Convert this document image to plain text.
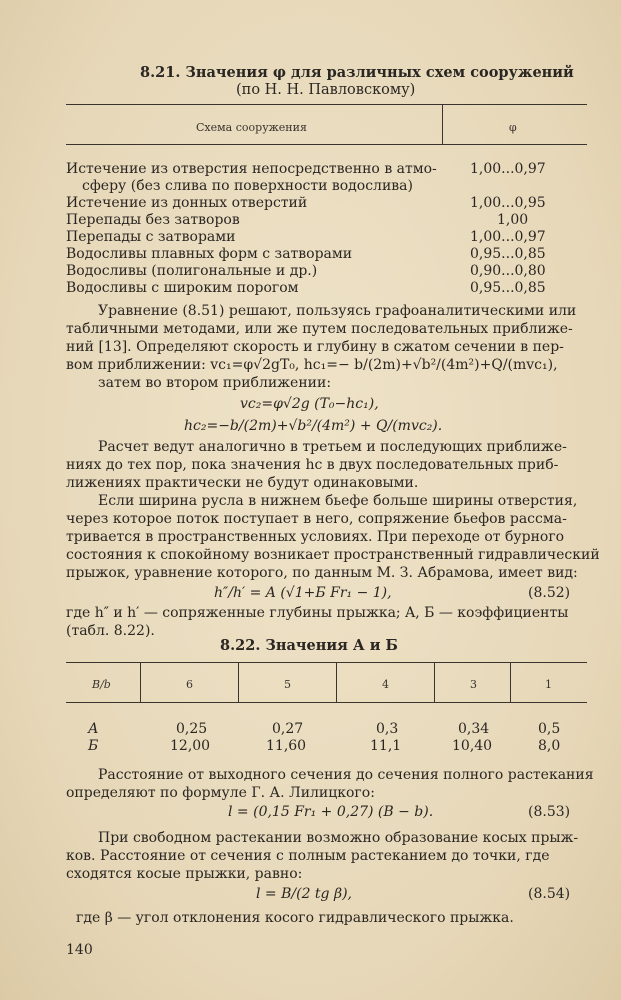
8.21. Значения φ для различных схем сооружений
(по Н. Н. Павловскому)
Схема сооружения	φ
Истечение из отверстия непосредственно в атмо-
сферу (без слива по поверхности водослива)
1,00...0,97
Истечение из донных отверстий	1,00...0,95
Перепады без затворов	1,00
Перепады с затворами	1,00...0,97
Водосливы плавных форм с затворами	0,95...0,85
Водосливы (полигональные и др.)	0,90...0,80
Водосливы с широким порогом	0,95...0,85
Уравнение (8.51) решают, пользуясь графоаналитическими или
табличными методами, или же путем последовательных приближе-
ний [13]. Определяют скорость и глубину в сжатом сечении в пер-
вом приближении: vc₁=φ√2gT₀, hc₁=− b/(2m)+√b²/(4m²)+Q/(mvc₁),
затем во втором приближении:
vc₂=φ√2g (T₀−hc₁),
hc₂=−b/(2m)+√b²/(4m²) + Q/(mvc₂).
Расчет ведут аналогично в третьем и последующих приближе-
ниях до тех пор, пока значения hc в двух последовательных приб-
лижениях практически не будут одинаковыми.
Если ширина русла в нижнем бьефе больше ширины отверстия,
через которое поток поступает в него, сопряжение бьефов рассма-
тривается в пространственных условиях. При переходе от бурного
состояния к спокойному возникает пространственный гидравлический
прыжок, уравнение которого, по данным М. З. Абрамова, имеет вид:
h″/h′ = A (√1+Б Fr₁ − 1),	(8.52)
где h″ и h′ — сопряженные глубины прыжка; A, Б — коэффициенты
(табл. 8.22).
8.22. Значения А и Б
B/b	6	5	4	3	1
А	0,25	0,27	0,3	0,34	0,5
Б	12,00	11,60	11,1	10,40	8,0
Расстояние от выходного сечения до сечения полного растекания
определяют по формуле Г. А. Лилицкого:
l = (0,15 Fr₁ + 0,27) (B − b).	(8.53)
При свободном растекании возможно образование косых прыж-
ков. Расстояние от сечения с полным растеканием до точки, где
сходятся косые прыжки, равно:
l = B/(2 tg β),	(8.54)
где β — угол отклонения косого гидравлического прыжка.
140
